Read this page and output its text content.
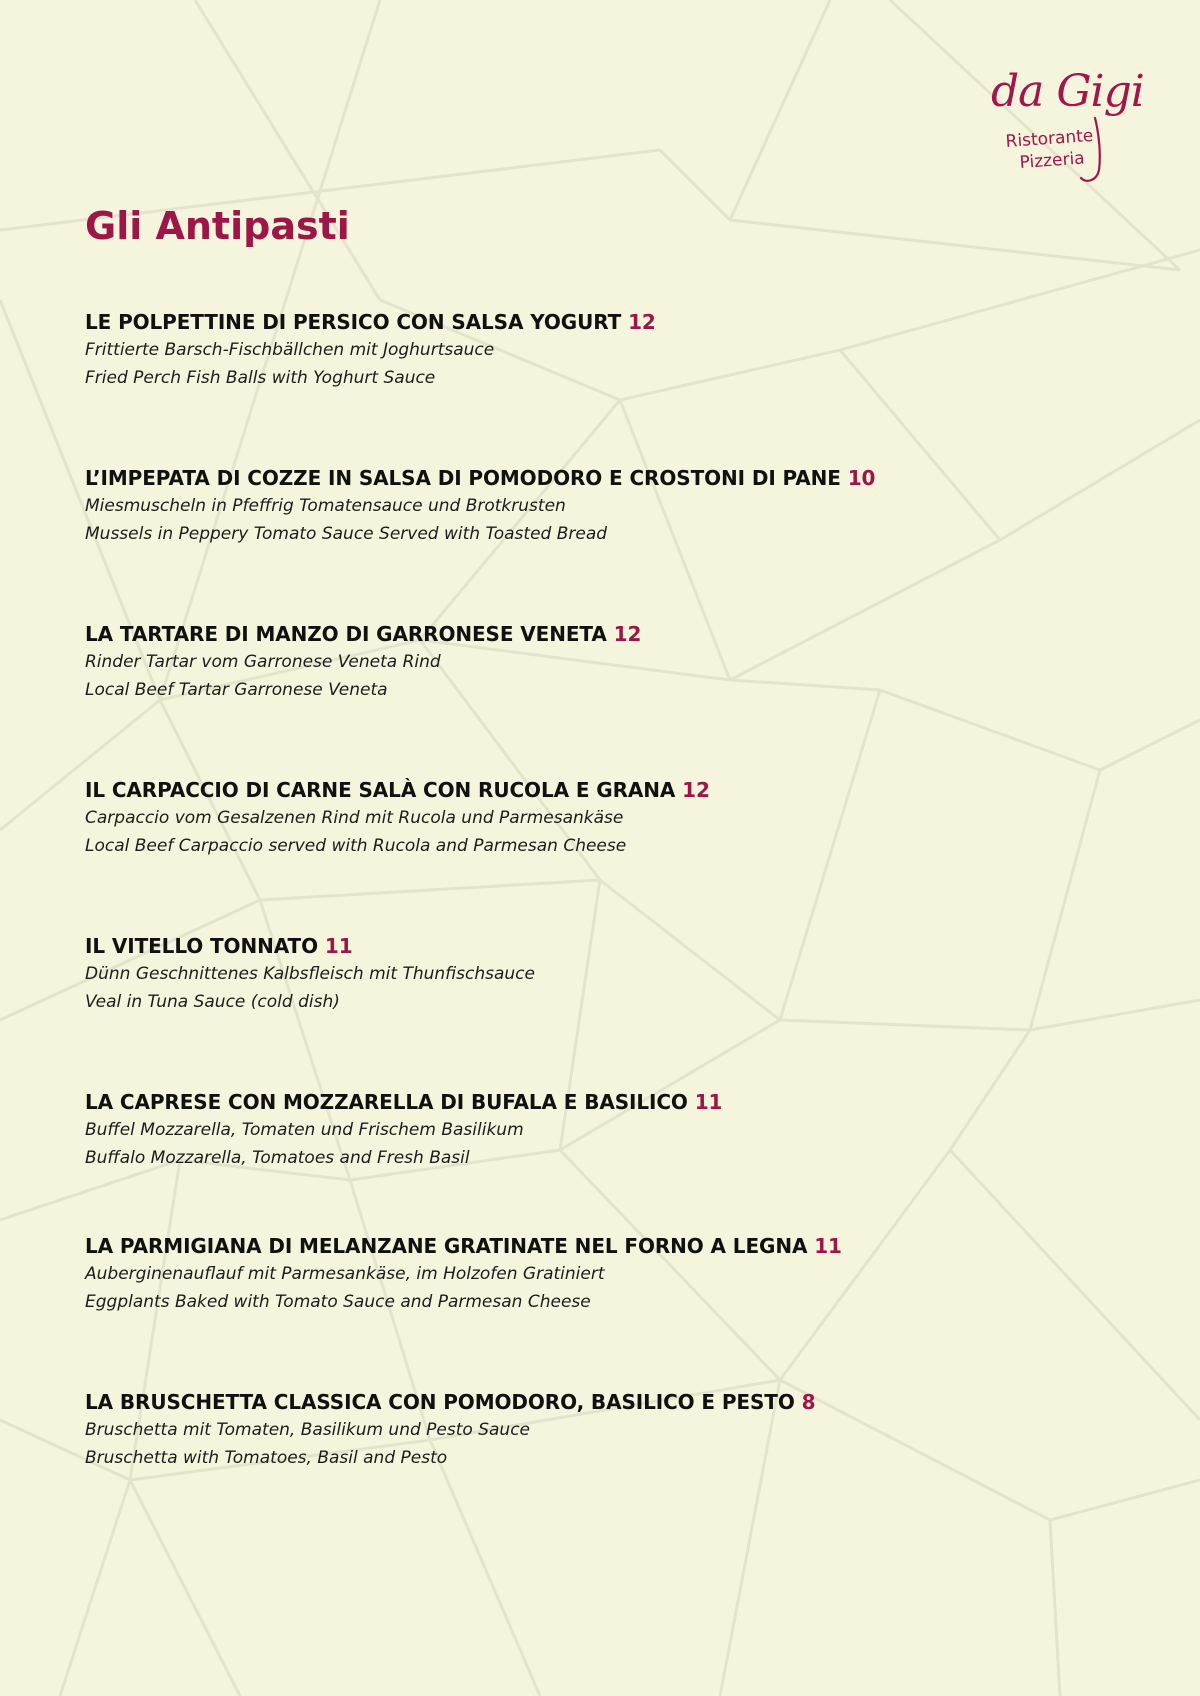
da Gigi
Ristorante
Pizzeria
Gli Antipasti
LE POLPETTINE DI PERSICO CON SALSA YOGURT 12
Frittierte Barsch-Fischbällchen mit Joghurtsauce
Fried Perch Fish Balls with Yoghurt Sauce
L’IMPEPATA DI COZZE IN SALSA DI POMODORO E CROSTONI DI PANE 10
Miesmuscheln in Pfeffrig Tomatensauce und Brotkrusten
Mussels in Peppery Tomato Sauce Served with Toasted Bread
LA TARTARE DI MANZO DI GARRONESE VENETA 12
Rinder Tartar vom Garronese Veneta Rind
Local Beef Tartar Garronese Veneta
IL CARPACCIO DI CARNE SALÀ CON RUCOLA E GRANA 12
Carpaccio vom Gesalzenen Rind mit Rucola und Parmesankäse
Local Beef Carpaccio served with Rucola and Parmesan Cheese
IL VITELLO TONNATO 11
Dünn Geschnittenes Kalbsfleisch mit Thunfischsauce
Veal in Tuna Sauce (cold dish)
LA CAPRESE CON MOZZARELLA DI BUFALA E BASILICO 11
Buffel Mozzarella, Tomaten und Frischem Basilikum
Buffalo Mozzarella, Tomatoes and Fresh Basil
LA PARMIGIANA DI MELANZANE GRATINATE NEL FORNO A LEGNA 11
Auberginenauflauf mit Parmesankäse, im Holzofen Gratiniert
Eggplants Baked with Tomato Sauce and Parmesan Cheese
LA BRUSCHETTA CLASSICA CON POMODORO, BASILICO E PESTO 8
Bruschetta mit Tomaten, Basilikum und Pesto Sauce
Bruschetta with Tomatoes, Basil and Pesto
